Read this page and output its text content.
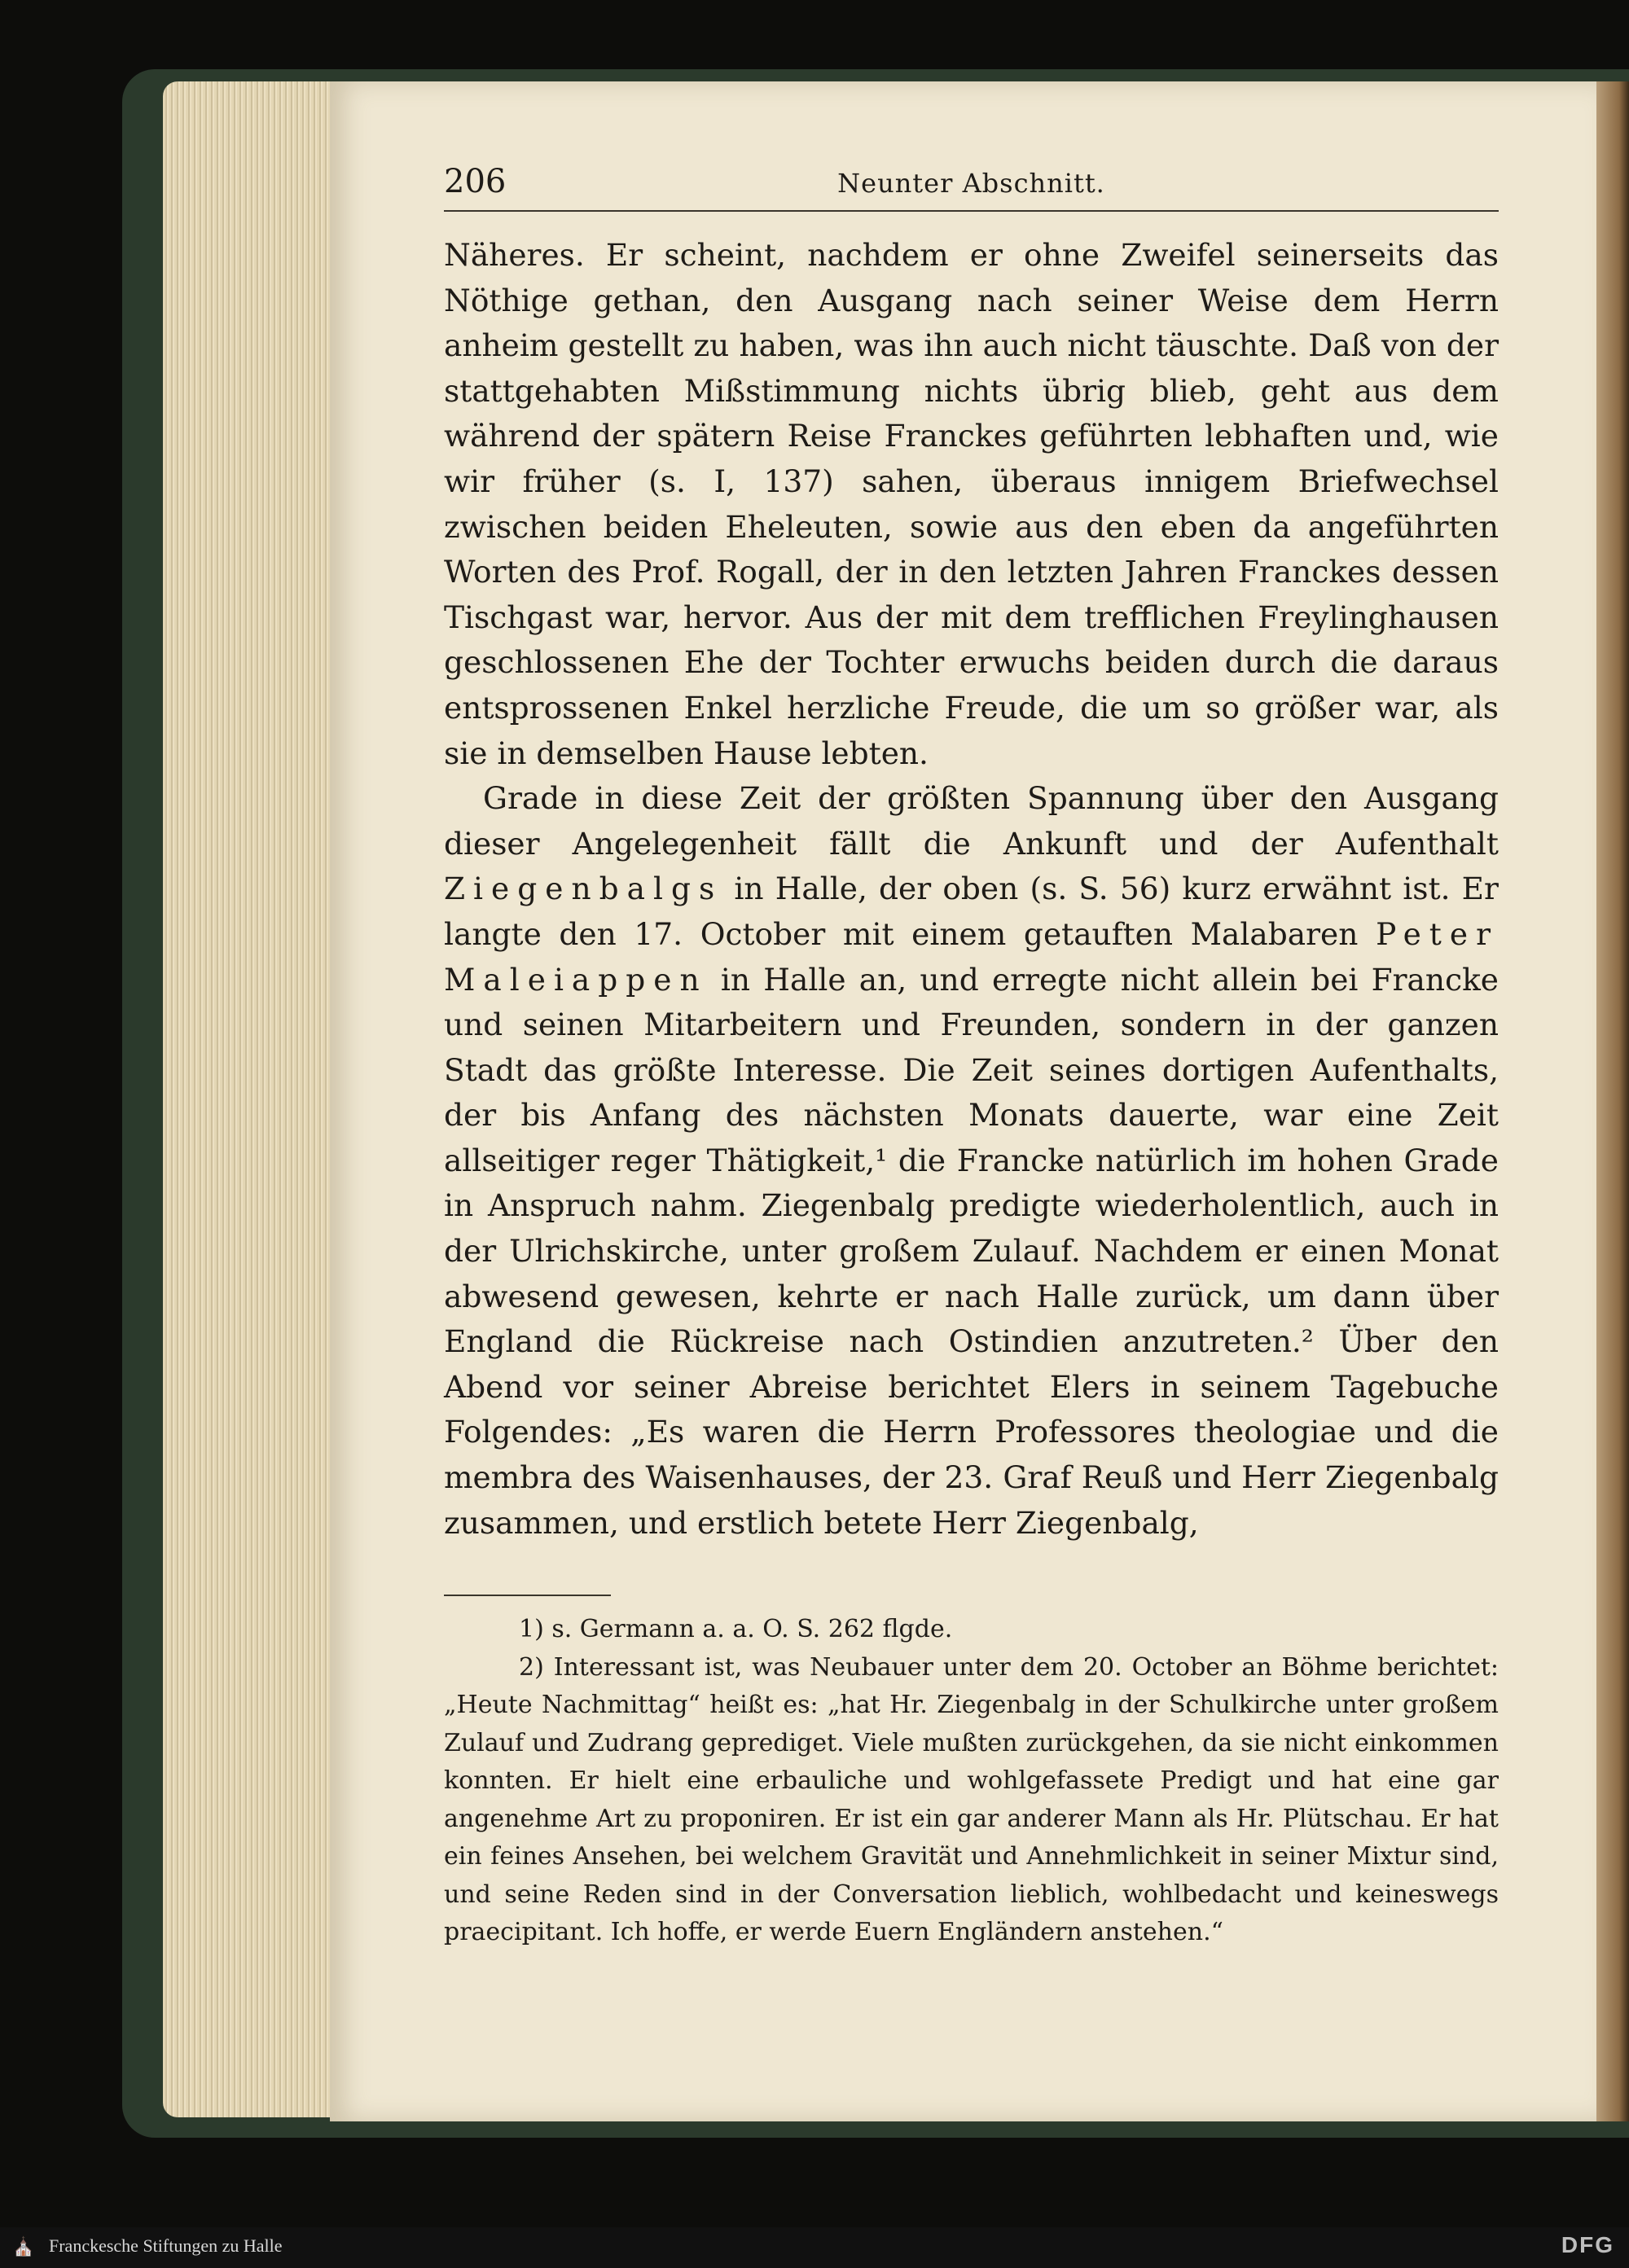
206	Neunter Abschnitt.

Näheres. Er scheint, nachdem er ohne Zweifel seinerseits das Nöthige gethan, den Ausgang nach seiner Weise dem Herrn anheim gestellt zu haben, was ihn auch nicht täuschte. Daß von der stattgehabten Mißstimmung nichts übrig blieb, geht aus dem während der spätern Reise Franckes geführten lebhaften und, wie wir früher (s. I, 137) sahen, überaus innigem Briefwechsel zwischen beiden Eheleuten, sowie aus den eben da angeführten Worten des Prof. Rogall, der in den letzten Jahren Franckes dessen Tischgast war, hervor. Aus der mit dem trefflichen Freylinghausen geschlossenen Ehe der Tochter erwuchs beiden durch die daraus entsprossenen Enkel herzliche Freude, die um so größer war, als sie in demselben Hause lebten.

Grade in diese Zeit der größten Spannung über den Ausgang dieser Angelegenheit fällt die Ankunft und der Aufenthalt Ziegenbalgs in Halle, der oben (s. S. 56) kurz erwähnt ist. Er langte den 17. October mit einem getauften Malabaren Peter Maleiappen in Halle an, und erregte nicht allein bei Francke und seinen Mitarbeitern und Freunden, sondern in der ganzen Stadt das größte Interesse. Die Zeit seines dortigen Aufenthalts, der bis Anfang des nächsten Monats dauerte, war eine Zeit allseitiger reger Thätigkeit,¹ die Francke natürlich im hohen Grade in Anspruch nahm. Ziegenbalg predigte wiederholentlich, auch in der Ulrichskirche, unter großem Zulauf. Nachdem er einen Monat abwesend gewesen, kehrte er nach Halle zurück, um dann über England die Rückreise nach Ostindien anzutreten.² Über den Abend vor seiner Abreise berichtet Elers in seinem Tagebuche Folgendes: „Es waren die Herrn Professores theologiae und die membra des Waisenhauses, der 23. Graf Reuß und Herr Ziegenbalg zusammen, und erstlich betete Herr Ziegenbalg,

1) s. Germann a. a. O. S. 262 flgde.

2) Interessant ist, was Neubauer unter dem 20. October an Böhme berichtet: „Heute Nachmittag“ heißt es: „hat Hr. Ziegenbalg in der Schulkirche unter großem Zulauf und Zudrang geprediget. Viele mußten zurückgehen, da sie nicht einkommen konnten. Er hielt eine erbauliche und wohlgefassete Predigt und hat eine gar angenehme Art zu proponiren. Er ist ein gar anderer Mann als Hr. Plütschau. Er hat ein feines Ansehen, bei welchem Gravität und Annehmlichkeit in seiner Mixtur sind, und seine Reden sind in der Conversation lieblich, wohlbedacht und keineswegs praecipitant. Ich hoffe, er werde Euern Engländern anstehen.“

⛪ Franckesche Stiftungen zu Halle	DFG
